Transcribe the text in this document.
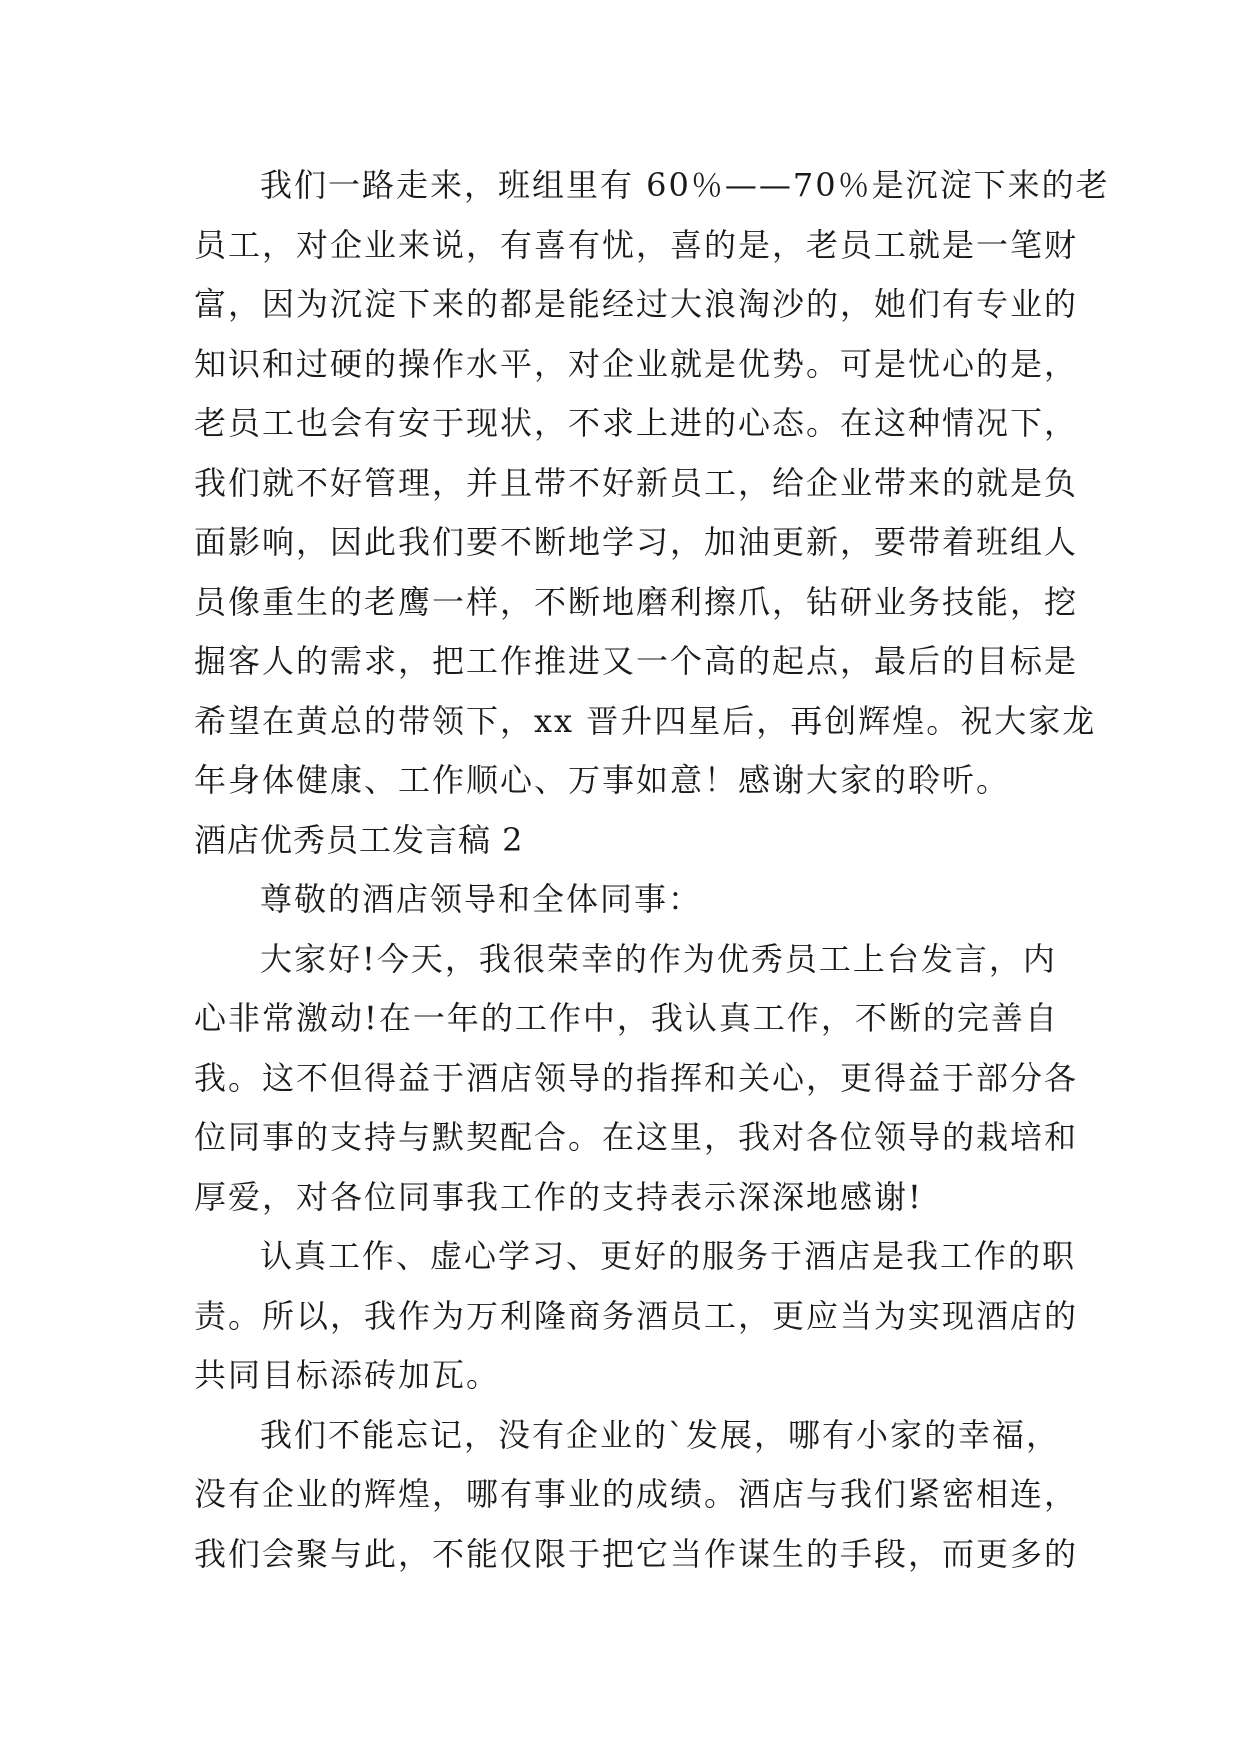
我们一路走来，班组里有 60％——70％是沉淀下来的老
员工，对企业来说，有喜有忧，喜的是，老员工就是一笔财
富，因为沉淀下来的都是能经过大浪淘沙的，她们有专业的
知识和过硬的操作水平，对企业就是优势。可是忧心的是，
老员工也会有安于现状，不求上进的心态。在这种情况下，
我们就不好管理，并且带不好新员工，给企业带来的就是负
面影响，因此我们要不断地学习，加油更新，要带着班组人
员像重生的老鹰一样，不断地磨利擦爪，钻研业务技能，挖
掘客人的需求，把工作推进又一个高的起点，最后的目标是
希望在黄总的带领下，xx 晋升四星后，再创辉煌。祝大家龙
年身体健康、工作顺心、万事如意！感谢大家的聆听。
酒店优秀员工发言稿 2
尊敬的酒店领导和全体同事：
大家好!今天，我很荣幸的作为优秀员工上台发言，内
心非常激动!在一年的工作中，我认真工作，不断的完善自
我。这不但得益于酒店领导的指挥和关心，更得益于部分各
位同事的支持与默契配合。在这里，我对各位领导的栽培和
厚爱，对各位同事我工作的支持表示深深地感谢!
认真工作、虚心学习、更好的服务于酒店是我工作的职
责。所以，我作为万利隆商务酒员工，更应当为实现酒店的
共同目标添砖加瓦。
我们不能忘记，没有企业的`发展，哪有小家的幸福，
没有企业的辉煌，哪有事业的成绩。酒店与我们紧密相连，
我们会聚与此，不能仅限于把它当作谋生的手段，而更多的
